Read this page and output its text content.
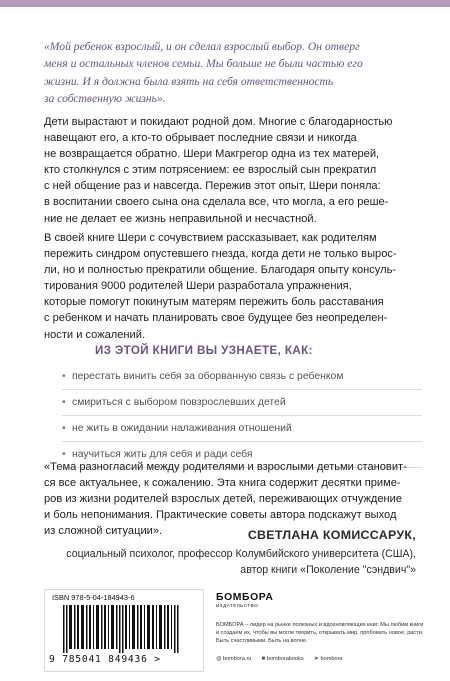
«Мой ребенок взрослый, и он сделал взрослый выбор. Он отверг
меня и остальных членов семьи. Мы больше не были частью его
жизни. И я должна была взять на себя ответственность
за собственную жизнь».
Дети вырастают и покидают родной дом. Многие с благодарностью
навещают его, а кто-то обрывает последние связи и никогда
не возвращается обратно. Шери Макгрегор одна из тех матерей,
кто столкнулся с этим потрясением: ее взрослый сын прекратил
с ней общение раз и навсегда. Пережив этот опыт, Шери поняла:
в воспитании своего сына она сделала все, что могла, а его реше-
ние не делает ее жизнь неправильной и несчастной.
В своей книге Шери с сочувствием рассказывает, как родителям
пережить синдром опустевшего гнезда, когда дети не только вырос-
ли, но и полностью прекратили общение. Благодаря опыту консуль-
тирования 9000 родителей Шери разработала упражнения,
которые помогут покинутым матерям пережить боль расставания
с ребенком и начать планировать свое будущее без неопределен-
ности и сожалений.
ИЗ ЭТОЙ КНИГИ ВЫ УЗНАЕТЕ, КАК:
• перестать винить себя за оборванную связь с ребенком
• смириться с выбором повзрослевших детей
• не жить в ожидании налаживания отношений
• научиться жить для себя и ради себя
«Тема разногласий между родителями и взрослыми детьми становит-
ся все актуальнее, к сожалению. Эта книга содержит десятки приме-
ров из жизни родителей взрослых детей, переживающих отчуждение
и боль непонимания. Практические советы автора подскажут выход
из сложной ситуации».	СВЕТЛАНА КОМИССАРУК,
социальный психолог, профессор Колумбийского университета (США),
автор книги «Поколение "сэндвич"»
ISBN 978-5-04-184943-6
9 785041 849436 >
БОМБОРА
ИЗДАТЕЛЬСТВО
БОМБОРА – лидер на рынке полезных и вдохновляющих книг. Мы любим книги и создаем их, чтобы вы могли творить, открывать мир, пробовать новое, расти. Быть счастливыми. Быть на волне.
◍ bombora.ru ■ bomborabooks ➤ bombora
